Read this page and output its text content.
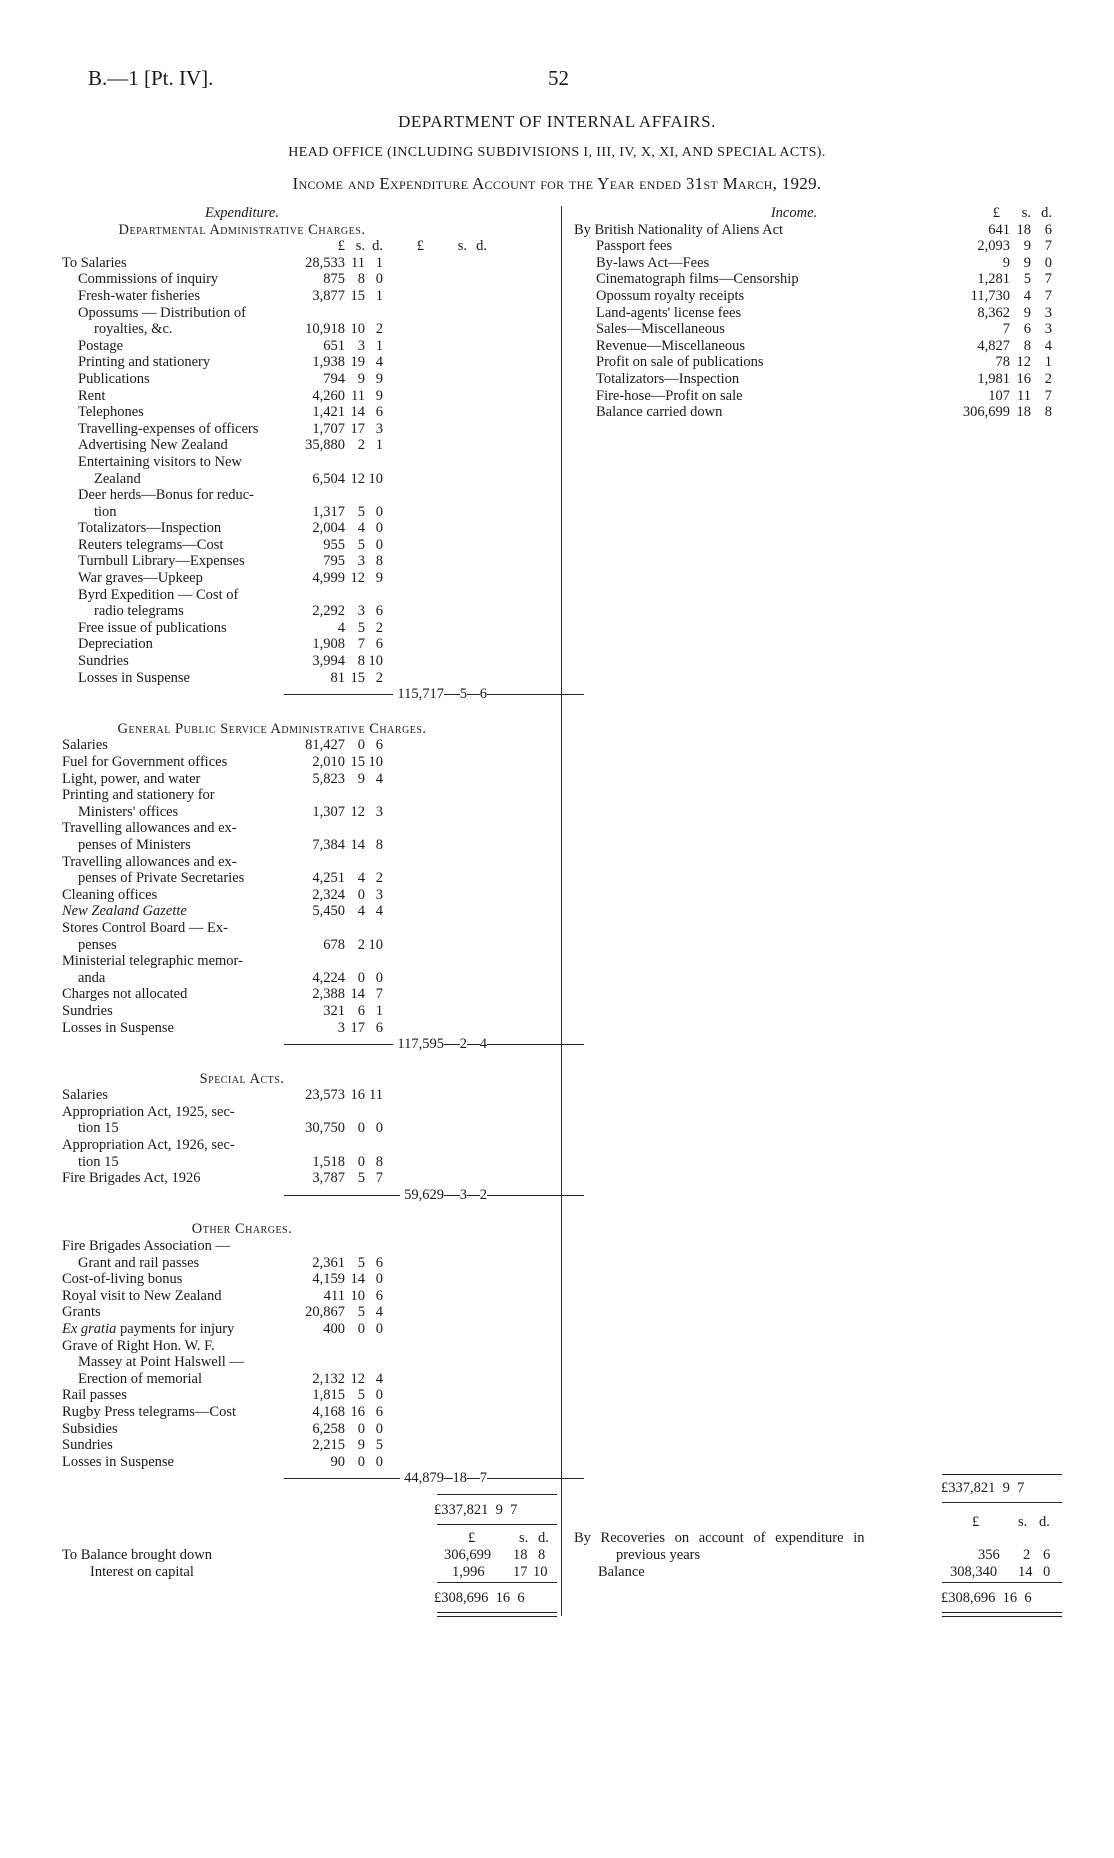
B.—1 [Pt. IV].	52
DEPARTMENT OF INTERNAL AFFAIRS.
HEAD OFFICE (INCLUDING SUBDIVISIONS I, III, IV, X, XI, AND SPECIAL ACTS).
Income and Expenditure Account for the Year ended 31st March, 1929.
Expenditure.
Departmental Administrative Charges.
£ s. d. £ s. d.
To Salaries	28,533 11 1
Commissions of inquiry	875 8 0
Fresh-water fisheries	3,877 15 1
Opossums — Distribution of
royalties, &c.	10,918 10 2
Postage	651 3 1
Printing and stationery	1,938 19 4
Publications	794 9 9
Rent	4,260 11 9
Telephones	1,421 14 6
Travelling-expenses of officers	1,707 17 3
Advertising New Zealand	35,880 2 1
Entertaining visitors to New
Zealand	6,504 12 10
Deer herds—Bonus for reduc-
tion	1,317 5 0
Totalizators—Inspection	2,004 4 0
Reuters telegrams—Cost	955 5 0
Turnbull Library—Expenses	795 3 8
War graves—Upkeep	4,999 12 9
Byrd Expedition — Cost of
radio telegrams	2,292 3 6
Free issue of publications	4 5 2
Depreciation	1,908 7 6
Sundries	3,994 8 10
Losses in Suspense	81 15 2
115,717 5 6
General Public Service Administrative Charges.
Salaries	81,427 0 6
Fuel for Government offices	2,010 15 10
Light, power, and water	5,823 9 4
Printing and stationery for
Ministers' offices	1,307 12 3
Travelling allowances and ex-
penses of Ministers	7,384 14 8
Travelling allowances and ex-
penses of Private Secretaries	4,251 4 2
Cleaning offices	2,324 0 3
New Zealand Gazette	5,450 4 4
Stores Control Board — Ex-
penses	678 2 10
Ministerial telegraphic memor-
anda	4,224 0 0
Charges not allocated	2,388 14 7
Sundries	321 6 1
Losses in Suspense	3 17 6
117,595 2 4
Special Acts.
Salaries	23,573 16 11
Appropriation Act, 1925, sec-
tion 15	30,750 0 0
Appropriation Act, 1926, sec-
tion 15	1,518 0 8
Fire Brigades Act, 1926	3,787 5 7
59,629 3 2
Other Charges.
Fire Brigades Association —
Grant and rail passes	2,361 5 6
Cost-of-living bonus	4,159 14 0
Royal visit to New Zealand	411 10 6
Grants	20,867 5 4
Ex gratia payments for injury	400 0 0
Grave of Right Hon. W. F.
Massey at Point Halswell —
Erection of memorial	2,132 12 4
Rail passes	1,815 5 0
Rugby Press telegrams—Cost	4,168 16 6
Subsidies	6,258 0 0
Sundries	2,215 9 5
Losses in Suspense	90 0 0
44,879 18 7
Income.	£ s. d.
By British Nationality of Aliens Act	641 18 6
Passport fees	2,093 9 7
By-laws Act—Fees	9 9 0
Cinematograph films—Censorship	1,281 5 7
Opossum royalty receipts	11,730 4 7
Land-agents' license fees	8,362 9 3
Sales—Miscellaneous	7 6 3
Revenue—Miscellaneous	4,827 8 4
Profit on sale of publications	78 12 1
Totalizators—Inspection	1,981 16 2
Fire-hose—Profit on sale	107 11 7
Balance carried down	306,699 18 8
£337,821  9  7
£337,821  9  7
£	s. d.
To Balance brought down	306,699 18 8
Interest on capital	1,996 17 10
£308,696  16  6
£	s. d.
By Recoveries on account of expenditure in
previous years	356 2 6
Balance	308,340 14 0
£308,696  16  6
